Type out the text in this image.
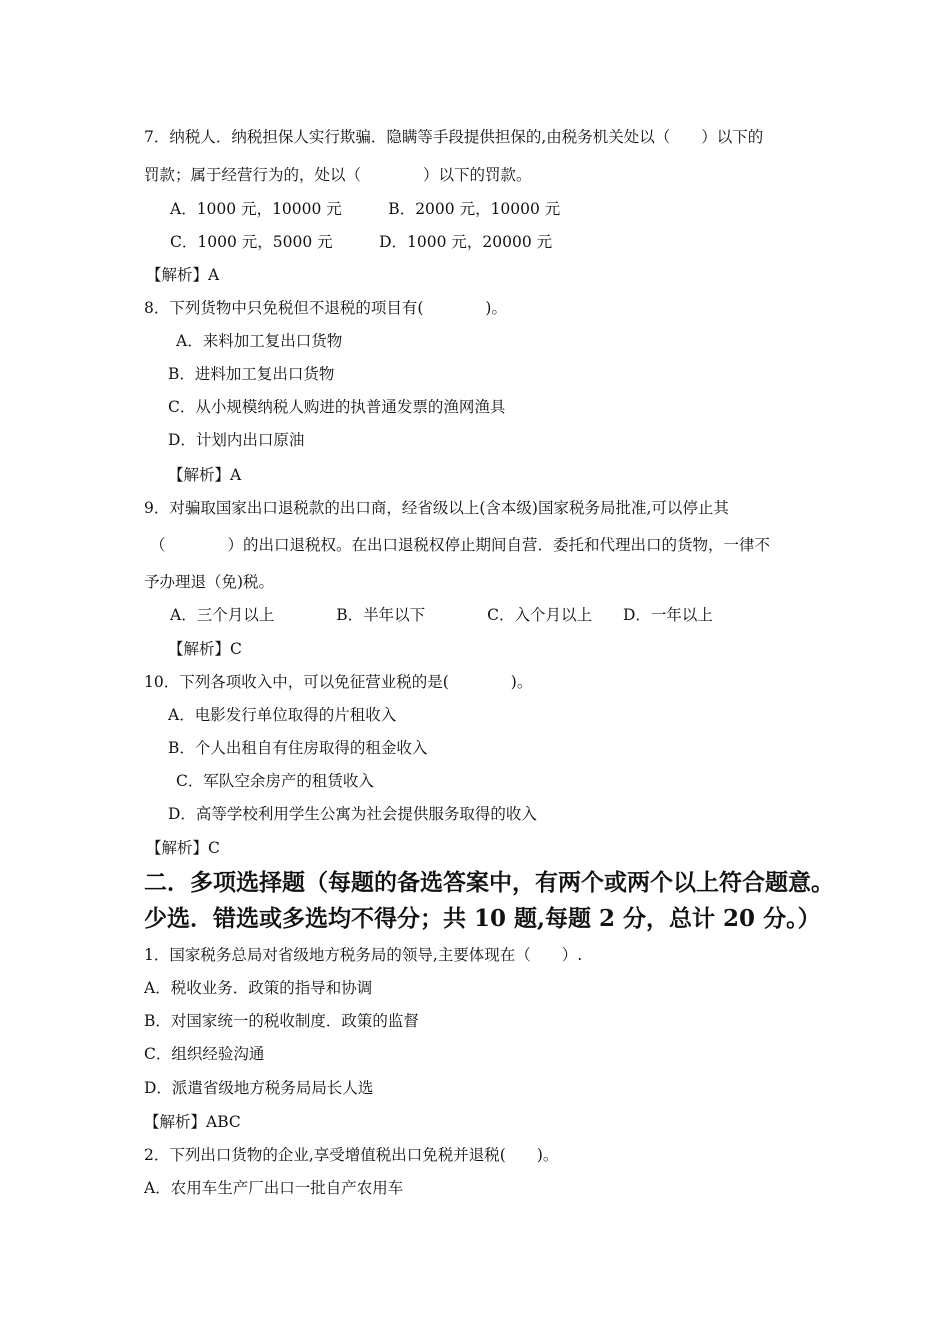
7．纳税人．纳税担保人实行欺骗．隐瞒等手段提供担保的,由税务机关处以（　　）以下的
罚款；属于经营行为的，处以（　　　　）以下的罚款。
A．1000 元，10000 元　　　B．2000 元，10000 元
C．1000 元，5000 元　　　D．1000 元，20000 元
【解析】A
8．下列货物中只免税但不退税的项目有(　　　　)。
A．来料加工复出口货物
B．进料加工复出口货物
C．从小规模纳税人购进的执普通发票的渔网渔具
D．计划内出口原油
【解析】A
9．对骗取国家出口退税款的出口商，经省级以上(含本级)国家税务局批准,可以停止其
（　　　　）的出口退税权。在出口退税权停止期间自营．委托和代理出口的货物，一律不
予办理退（免)税。
A．三个月以上　　　　B．半年以下　　　　C．入个月以上　　D．一年以上
【解析】C
10．下列各项收入中，可以免征营业税的是(　　　　)。
A．电影发行单位取得的片租收入
B．个人出租自有住房取得的租金收入
C．军队空余房产的租赁收入
D．高等学校利用学生公寓为社会提供服务取得的收入
【解析】C
二．多项选择题（每题的备选答案中，有两个或两个以上符合题意。
少选．错选或多选均不得分；共 10 题,每题 2 分，总计 20 分。）
1．国家税务总局对省级地方税务局的领导,主要体现在（　　）.
A．税收业务．政策的指导和协调
B．对国家统一的税收制度．政策的监督
C．组织经验沟通
D．派遣省级地方税务局局长人选
【解析】ABC
2．下列出口货物的企业,享受增值税出口免税并退税(　　)。
A．农用车生产厂出口一批自产农用车
